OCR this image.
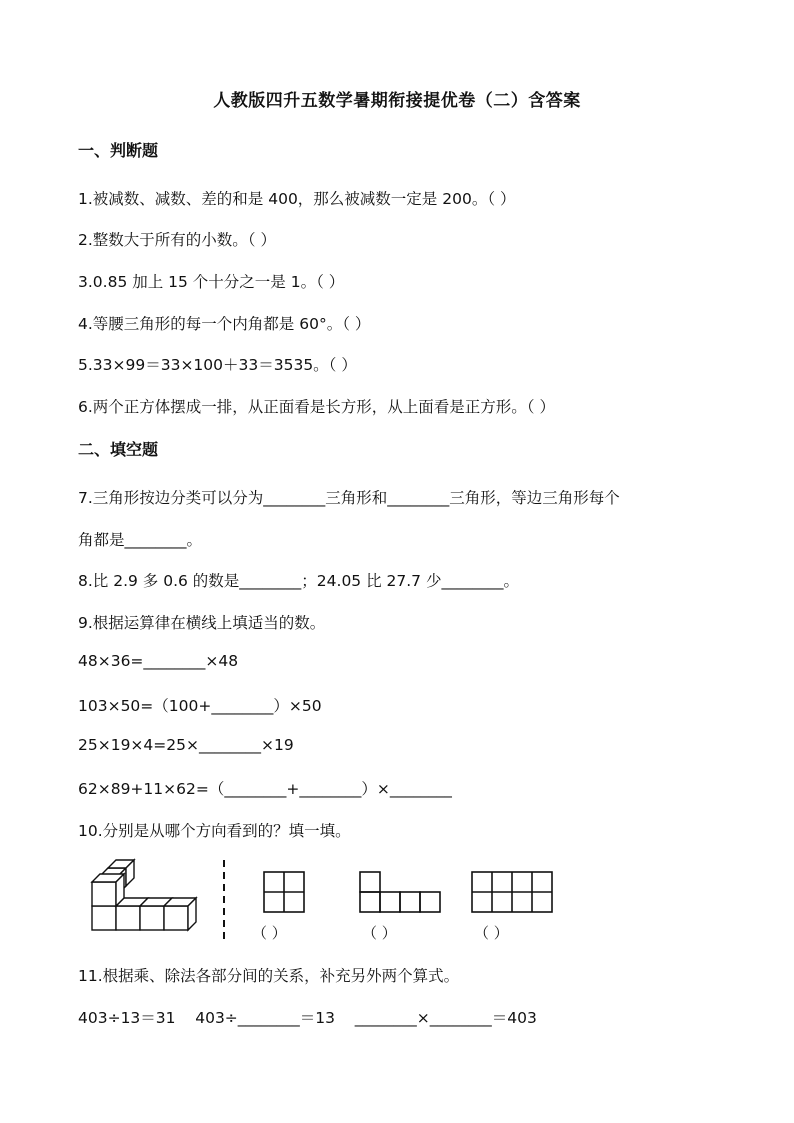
人教版四升五数学暑期衔接提优卷（二）含答案
一、判断题
1.被减数、减数、差的和是 400，那么被减数一定是 200。（ ）
2.整数大于所有的小数。（ ）
3.0.85 加上 15 个十分之一是 1。（ ）
4.等腰三角形的每一个内角都是 60°。（ ）
5.33×99＝33×100＋33＝3535。（ ）
6.两个正方体摆成一排，从正面看是长方形，从上面看是正方形。（ ）
二、填空题
7.三角形按边分类可以分为________三角形和________三角形，等边三角形每个
角都是________。
8.比 2.9 多 0.6 的数是________；24.05 比 27.7 少________。
9.根据运算律在横线上填适当的数。
48×36=________×48
103×50=（100+________）×50
25×19×4=25×________×19
62×89+11×62=（________+________）×________
10.分别是从哪个方向看到的？填一填。
（ ）	（ ）	（ ）
11.根据乘、除法各部分间的关系，补充另外两个算式。
403÷13＝31    403÷________＝13    ________×________＝403
